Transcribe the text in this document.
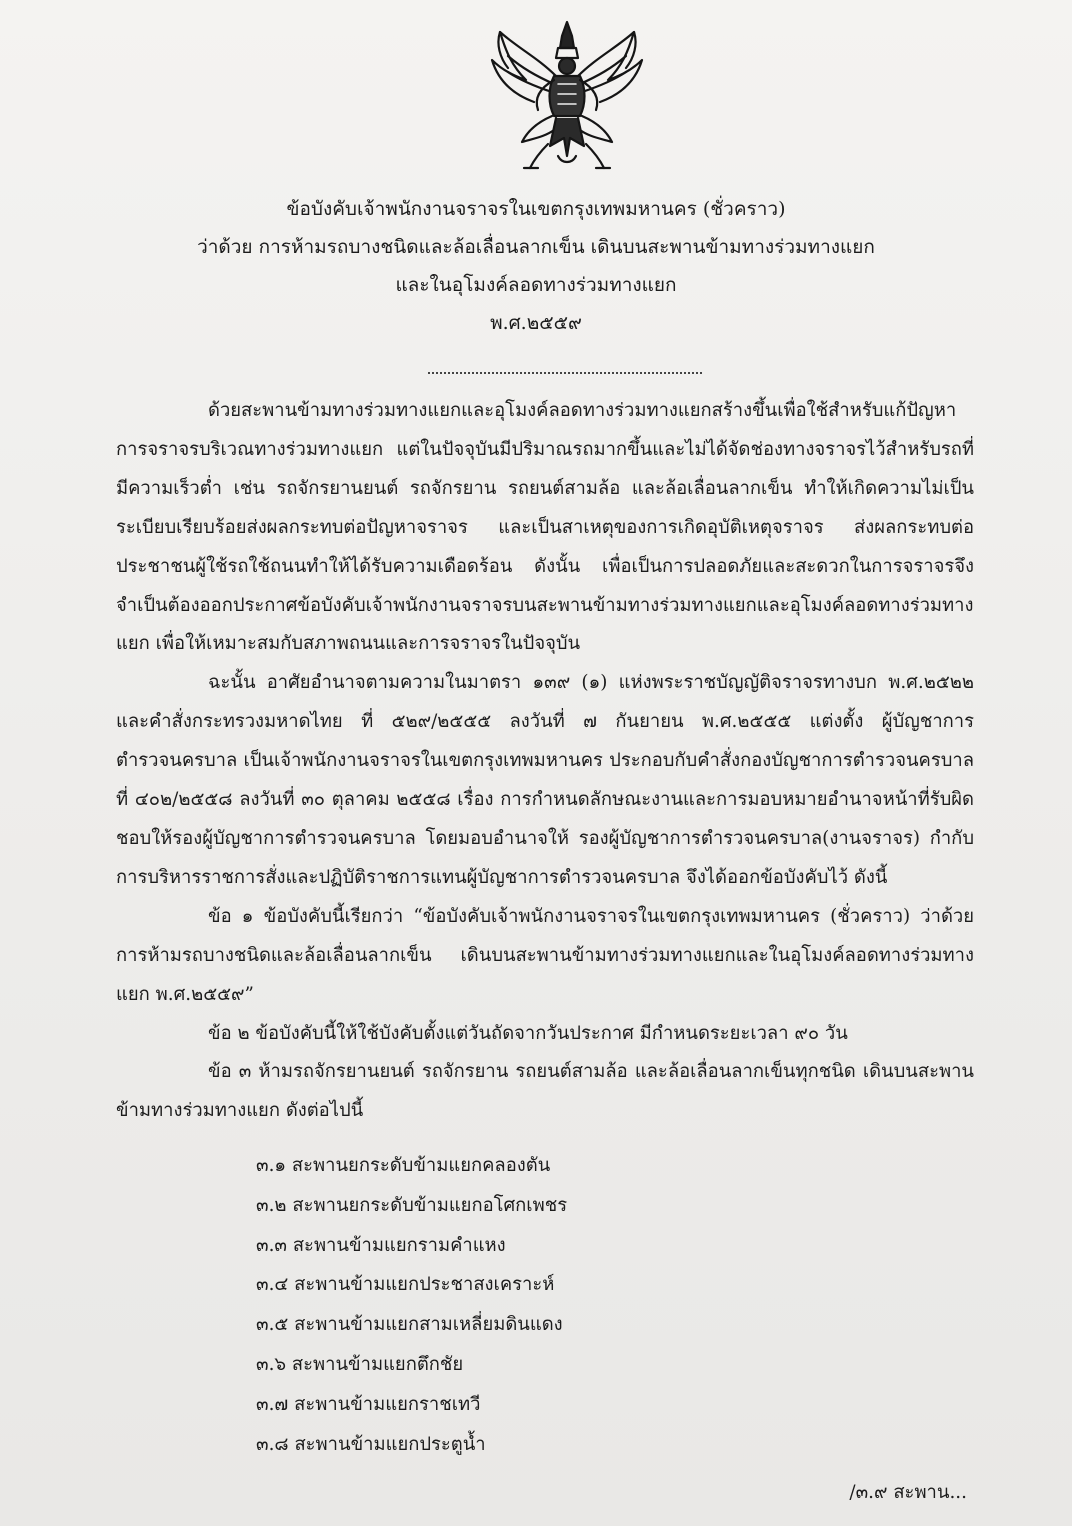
ข้อบังคับเจ้าพนักงานจราจรในเขตกรุงเทพมหานคร (ชั่วคราว)
ว่าด้วย การห้ามรถบางชนิดและล้อเลื่อนลากเข็น เดินบนสะพานข้ามทางร่วมทางแยก
และในอุโมงค์ลอดทางร่วมทางแยก
พ.ศ.๒๕๕๙

ด้วยสะพานข้ามทางร่วมทางแยกและอุโมงค์ลอดทางร่วมทางแยกสร้างขึ้นเพื่อใช้สำหรับแก้ปัญหาการจราจรบริเวณทางร่วมทางแยก แต่ในปัจจุบันมีปริมาณรถมากขึ้นและไม่ได้จัดช่องทางจราจรไว้สำหรับรถที่มีความเร็วต่ำ เช่น รถจักรยานยนต์ รถจักรยาน รถยนต์สามล้อ และล้อเลื่อนลากเข็น ทำให้เกิดความไม่เป็นระเบียบเรียบร้อยส่งผลกระทบต่อปัญหาจราจร และเป็นสาเหตุของการเกิดอุบัติเหตุจราจร ส่งผลกระทบต่อประชาชนผู้ใช้รถใช้ถนนทำให้ได้รับความเดือดร้อน ดังนั้น เพื่อเป็นการปลอดภัยและสะดวกในการจราจรจึงจำเป็นต้องออกประกาศข้อบังคับเจ้าพนักงานจราจรบนสะพานข้ามทางร่วมทางแยกและอุโมงค์ลอดทางร่วมทางแยก เพื่อให้เหมาะสมกับสภาพถนนและการจราจรในปัจจุบัน

ฉะนั้น อาศัยอำนาจตามความในมาตรา ๑๓๙ (๑) แห่งพระราชบัญญัติจราจรทางบก พ.ศ.๒๕๒๒ และคำสั่งกระทรวงมหาดไทย ที่ ๕๒๙/๒๕๕๕ ลงวันที่ ๗ กันยายน พ.ศ.๒๕๕๕ แต่งตั้ง ผู้บัญชาการตำรวจนครบาล เป็นเจ้าพนักงานจราจรในเขตกรุงเทพมหานคร ประกอบกับคำสั่งกองบัญชาการตำรวจนครบาล ที่ ๔๐๒/๒๕๕๘ ลงวันที่ ๓๐ ตุลาคม ๒๕๕๘ เรื่อง การกำหนดลักษณะงานและการมอบหมายอำนาจหน้าที่รับผิดชอบให้รองผู้บัญชาการตำรวจนครบาล โดยมอบอำนาจให้ รองผู้บัญชาการตำรวจนครบาล(งานจราจร) กำกับการบริหารราชการสั่งและปฏิบัติราชการแทนผู้บัญชาการตำรวจนครบาล จึงได้ออกข้อบังคับไว้ ดังนี้

ข้อ ๑ ข้อบังคับนี้เรียกว่า “ข้อบังคับเจ้าพนักงานจราจรในเขตกรุงเทพมหานคร (ชั่วคราว) ว่าด้วยการห้ามรถบางชนิดและล้อเลื่อนลากเข็น เดินบนสะพานข้ามทางร่วมทางแยกและในอุโมงค์ลอดทางร่วมทางแยก พ.ศ.๒๕๕๙”

ข้อ ๒ ข้อบังคับนี้ให้ใช้บังคับตั้งแต่วันถัดจากวันประกาศ มีกำหนดระยะเวลา ๙๐ วัน

ข้อ ๓ ห้ามรถจักรยานยนต์ รถจักรยาน รถยนต์สามล้อ และล้อเลื่อนลากเข็นทุกชนิด เดินบนสะพานข้ามทางร่วมทางแยก ดังต่อไปนี้

๓.๑ สะพานยกระดับข้ามแยกคลองตัน
๓.๒ สะพานยกระดับข้ามแยกอโศกเพชร
๓.๓ สะพานข้ามแยกรามคำแหง
๓.๔ สะพานข้ามแยกประชาสงเคราะห์
๓.๕ สะพานข้ามแยกสามเหลี่ยมดินแดง
๓.๖ สะพานข้ามแยกตึกชัย
๓.๗ สะพานข้ามแยกราชเทวี
๓.๘ สะพานข้ามแยกประตูน้ำ
/๓.๙ สะพาน...
